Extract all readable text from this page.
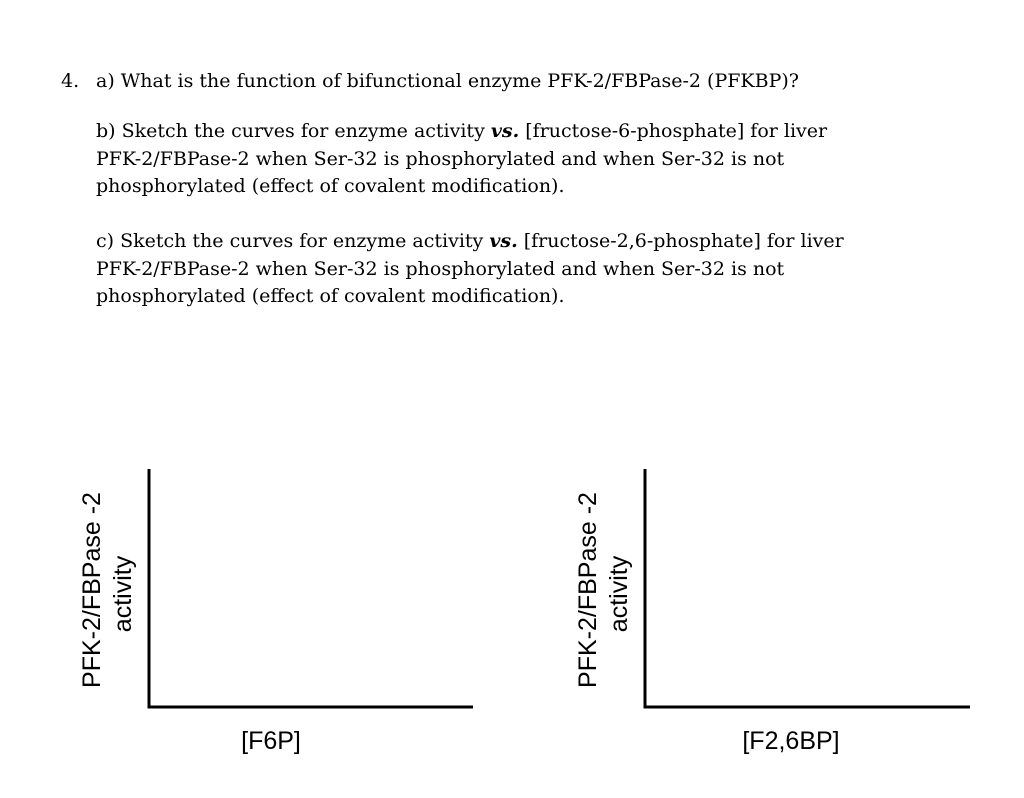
4. a) What is the function of bifunctional enzyme PFK-2/FBPase-2 (PFKBP)?
b) Sketch the curves for enzyme activity vs. [fructose-6-phosphate] for liver
PFK-2/FBPase-2 when Ser-32 is phosphorylated and when Ser-32 is not
phosphorylated (effect of covalent modification).
c) Sketch the curves for enzyme activity vs. [fructose-2,6-phosphate] for liver
PFK-2/FBPase-2 when Ser-32 is phosphorylated and when Ser-32 is not
phosphorylated (effect of covalent modification).
PFK-2/FBPase -2 activity
[F6P]
PFK-2/FBPase -2 activity
[F2,6BP]
